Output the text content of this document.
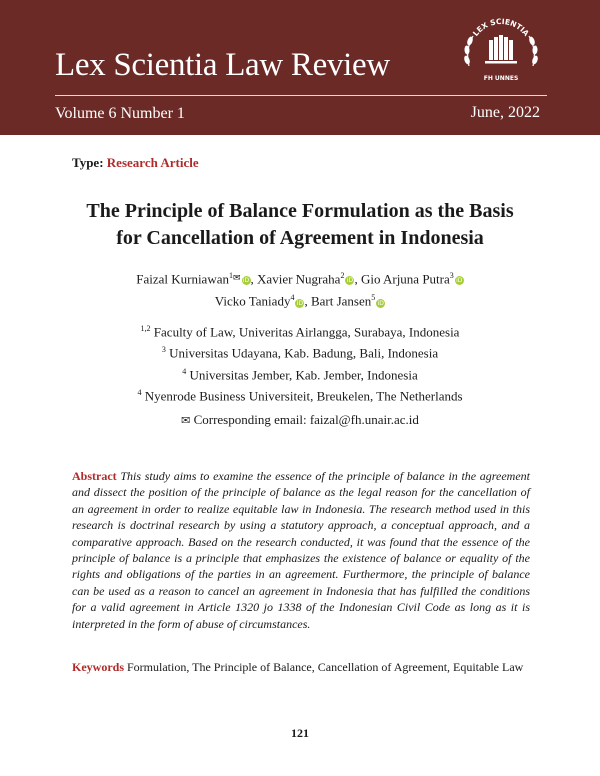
Lex Scientia Law Review
Volume 6 Number 1	June, 2022
LEX SCIENTIA
FH UNNES
Type: Research Article
The Principle of Balance Formulation as the Basis
for Cancellation of Agreement in Indonesia
Faizal Kurniawan$^{1✉}$ iD, Xavier Nugraha$^2$iD, Gio Arjuna Putra$^3$iD
Vicko Taniady$^4$iD, Bart Jansen$^5$iD
$^{1,2}$ Faculty of Law, Univeritas Airlangga, Surabaya, Indonesia
$^3$ Universitas Udayana, Kab. Badung, Bali, Indonesia
$^4$ Universitas Jember, Kab. Jember, Indonesia
$^4$ Nyenrode Business Universiteit, Breukelen, The Netherlands
✉ Corresponding email: faizal@fh.unair.ac.id
Abstract This study aims to examine the essence of the principle of balance in the agreement and dissect the position of the principle of balance as the legal reason for the cancellation of an agreement in order to realize equitable law in Indonesia. The research method used in this research is doctrinal research by using a statutory approach, a conceptual approach, and a comparative approach. Based on the research conducted, it was found that the essence of the principle of balance is a principle that emphasizes the existence of balance or equality of the rights and obligations of the parties in an agreement. Furthermore, the principle of balance can be used as a reason to cancel an agreement in Indonesia that has fulfilled the conditions for a valid agreement in Article 1320 jo 1338 of the Indonesian Civil Code as long as it is interpreted in the form of abuse of circumstances.
Keywords Formulation, The Principle of Balance, Cancellation of Agreement, Equitable Law
121
